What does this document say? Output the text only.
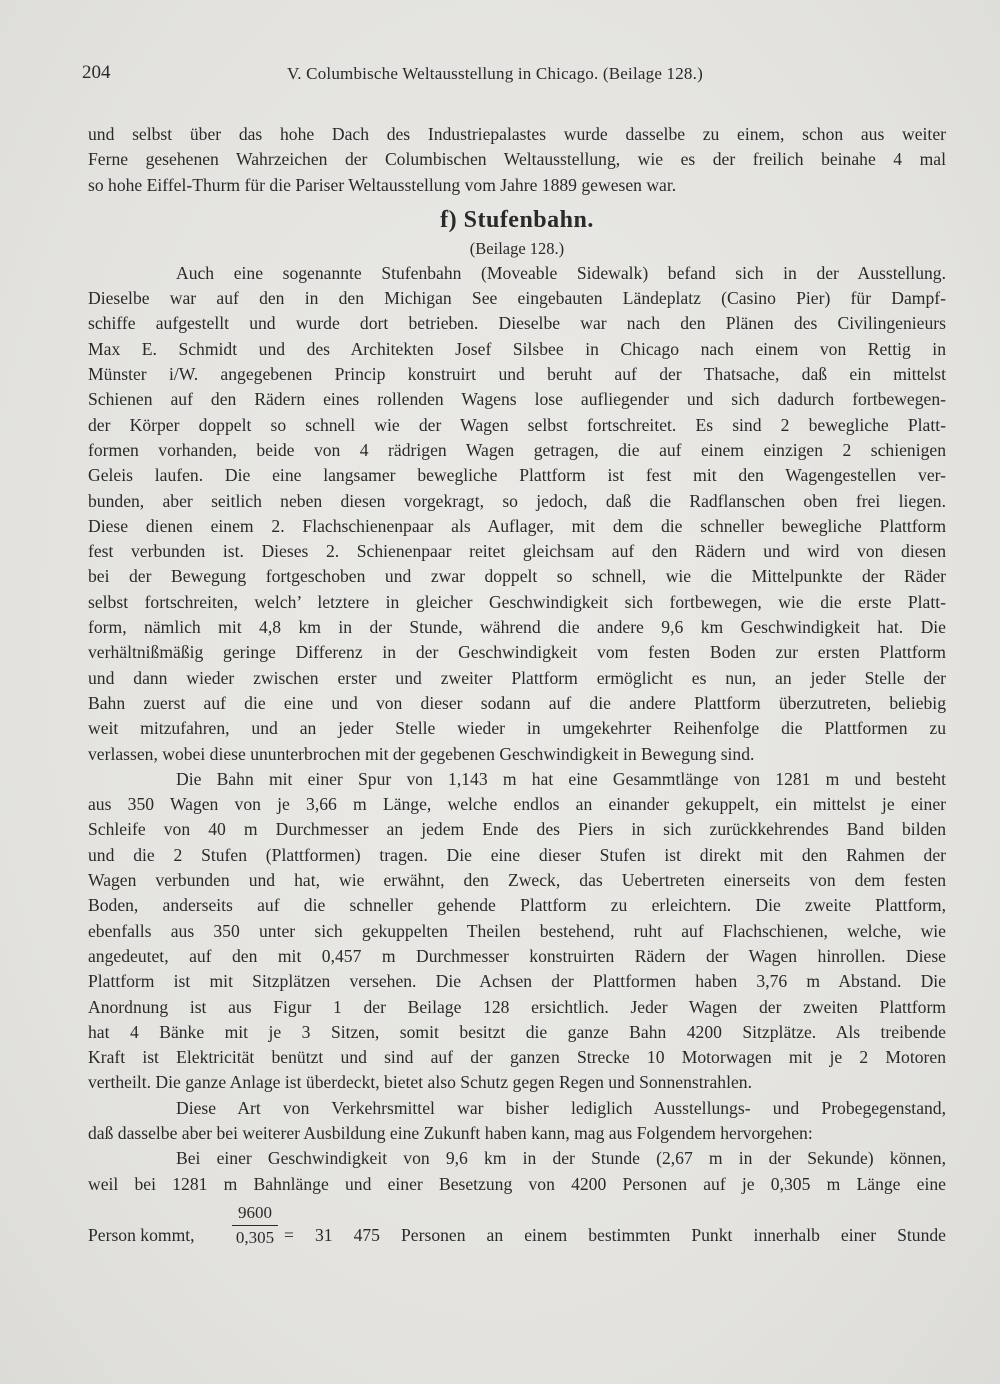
204	V. Columbische Weltausstellung in Chicago. (Beilage 128.)
und selbst über das hohe Dach des Industriepalastes wurde dasselbe zu einem, schon aus weiter
Ferne gesehenen Wahrzeichen der Columbischen Weltausstellung, wie es der freilich beinahe 4 mal
so hohe Eiffel-Thurm für die Pariser Weltausstellung vom Jahre 1889 gewesen war.
f) Stufenbahn.
(Beilage 128.)
Auch eine sogenannte Stufenbahn (Moveable Sidewalk) befand sich in der Ausstellung.
Dieselbe war auf den in den Michigan See eingebauten Ländeplatz (Casino Pier) für Dampf-
schiffe aufgestellt und wurde dort betrieben. Dieselbe war nach den Plänen des Civilingenieurs
Max E. Schmidt und des Architekten Josef Silsbee in Chicago nach einem von Rettig in
Münster i/W. angegebenen Princip konstruirt und beruht auf der Thatsache, daß ein mittelst
Schienen auf den Rädern eines rollenden Wagens lose aufliegender und sich dadurch fortbewegen-
der Körper doppelt so schnell wie der Wagen selbst fortschreitet. Es sind 2 bewegliche Platt-
formen vorhanden, beide von 4 rädrigen Wagen getragen, die auf einem einzigen 2 schienigen
Geleis laufen. Die eine langsamer bewegliche Plattform ist fest mit den Wagengestellen ver-
bunden, aber seitlich neben diesen vorgekragt, so jedoch, daß die Radflanschen oben frei liegen.
Diese dienen einem 2. Flachschienenpaar als Auflager, mit dem die schneller bewegliche Plattform
fest verbunden ist. Dieses 2. Schienenpaar reitet gleichsam auf den Rädern und wird von diesen
bei der Bewegung fortgeschoben und zwar doppelt so schnell, wie die Mittelpunkte der Räder
selbst fortschreiten, welch’ letztere in gleicher Geschwindigkeit sich fortbewegen, wie die erste Platt-
form, nämlich mit 4,8 km in der Stunde, während die andere 9,6 km Geschwindigkeit hat. Die
verhältnißmäßig geringe Differenz in der Geschwindigkeit vom festen Boden zur ersten Plattform
und dann wieder zwischen erster und zweiter Plattform ermöglicht es nun, an jeder Stelle der
Bahn zuerst auf die eine und von dieser sodann auf die andere Plattform überzutreten, beliebig
weit mitzufahren, und an jeder Stelle wieder in umgekehrter Reihenfolge die Plattformen zu
verlassen, wobei diese ununterbrochen mit der gegebenen Geschwindigkeit in Bewegung sind.
Die Bahn mit einer Spur von 1,143 m hat eine Gesammtlänge von 1281 m und besteht
aus 350 Wagen von je 3,66 m Länge, welche endlos an einander gekuppelt, ein mittelst je einer
Schleife von 40 m Durchmesser an jedem Ende des Piers in sich zurückkehrendes Band bilden
und die 2 Stufen (Plattformen) tragen. Die eine dieser Stufen ist direkt mit den Rahmen der
Wagen verbunden und hat, wie erwähnt, den Zweck, das Uebertreten einerseits von dem festen
Boden, anderseits auf die schneller gehende Plattform zu erleichtern. Die zweite Plattform,
ebenfalls aus 350 unter sich gekuppelten Theilen bestehend, ruht auf Flachschienen, welche, wie
angedeutet, auf den mit 0,457 m Durchmesser konstruirten Rädern der Wagen hinrollen. Diese
Plattform ist mit Sitzplätzen versehen. Die Achsen der Plattformen haben 3,76 m Abstand. Die
Anordnung ist aus Figur 1 der Beilage 128 ersichtlich. Jeder Wagen der zweiten Plattform
hat 4 Bänke mit je 3 Sitzen, somit besitzt die ganze Bahn 4200 Sitzplätze. Als treibende
Kraft ist Elektricität benützt und sind auf der ganzen Strecke 10 Motorwagen mit je 2 Motoren
vertheilt. Die ganze Anlage ist überdeckt, bietet also Schutz gegen Regen und Sonnenstrahlen.
Diese Art von Verkehrsmittel war bisher lediglich Ausstellungs- und Probegegenstand,
daß dasselbe aber bei weiterer Ausbildung eine Zukunft haben kann, mag aus Folgendem hervorgehen:
Bei einer Geschwindigkeit von 9,6 km in der Stunde (2,67 m in der Sekunde) können,
weil bei 1281 m Bahnlänge und einer Besetzung von 4200 Personen auf je 0,305 m Länge eine
Person kommt, $\frac{9600}{0,305} = 31$ 475 Personen an einem bestimmten Punkt innerhalb einer Stunde
